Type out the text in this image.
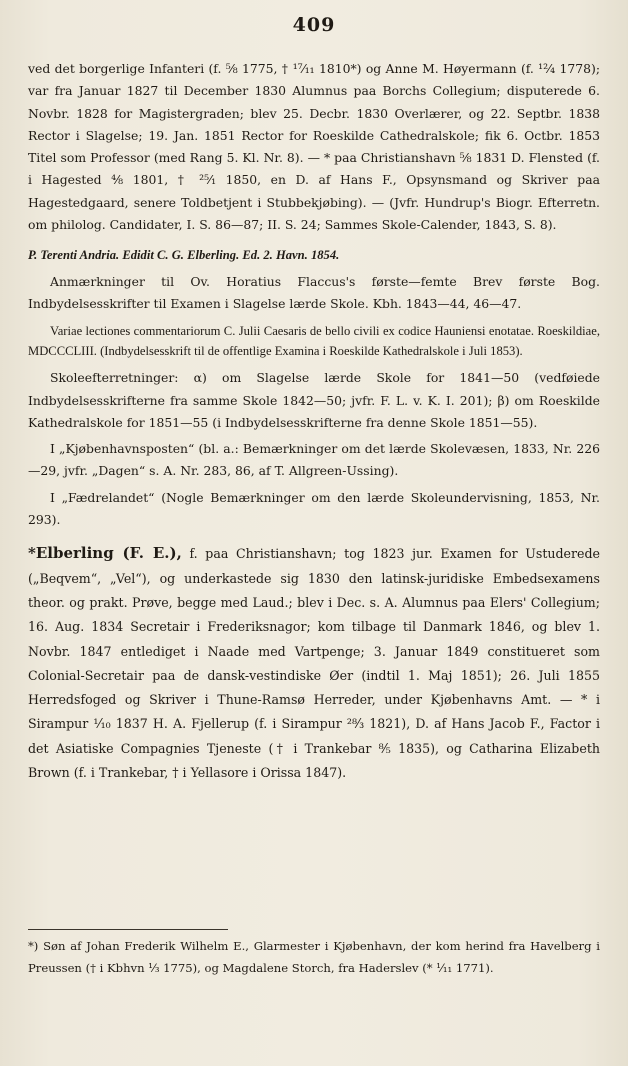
409

ved det borgerlige Infanteri (f. ⁵⁄₈ 1775, † ¹⁷⁄₁₁ 1810*) og Anne M. Høyermann (f. ¹²⁄₄ 1778); var fra Januar 1827 til December 1830 Alumnus paa Borchs Collegium; disputerede 6. Novbr. 1828 for Magistergraden; blev 25. Decbr. 1830 Overlærer, og 22. Septbr. 1838 Rector i Slagelse; 19. Jan. 1851 Rector for Roeskilde Cathedralskole; fik 6. Octbr. 1853 Titel som Professor (med Rang 5. Kl. Nr. 8). — * paa Christianshavn ⁵⁄₈ 1831 D. Flensted (f. i Hagested ⁴⁄₈ 1801, † ²⁵⁄₁ 1850, en D. af Hans F., Opsynsmand og Skriver paa Hagestedgaard, senere Toldbetjent i Stubbekjøbing). — (Jvfr. Hundrup's Biogr. Efterretn. om philolog. Candidater, I. S. 86—87; II. S. 24; Sammes Skole-Calender, 1843, S. 8).

P. Terenti Andria. Edidit C. G. Elberling. Ed. 2. Havn. 1854.

Anmærkninger til Ov. Horatius Flaccus's første—femte Brev første Bog. Indbydelsesskrifter til Examen i Slagelse lærde Skole. Kbh. 1843—44, 46—47.

Variae lectiones commentariorum C. Julii Caesaris de bello civili ex codice Hauniensi enotatae. Roeskildiae, MDCCCLIII. (Indbydelsesskrift til de offentlige Examina i Roeskilde Kathedralskole i Juli 1853).

Skoleefterretninger: α) om Slagelse lærde Skole for 1841—50 (vedføiede Indbydelsesskrifterne fra samme Skole 1842—50; jvfr. F. L. v. K. I. 201); β) om Roeskilde Kathedralskole for 1851—55 (i Indbydelsesskrifterne fra denne Skole 1851—55).

I „Kjøbenhavnsposten“ (bl. a.: Bemærkninger om det lærde Skolevæsen, 1833, Nr. 226—29, jvfr. „Dagen“ s. A. Nr. 283, 86, af T. Allgreen-Ussing).

I „Fædrelandet“ (Nogle Bemærkninger om den lærde Skoleundervisning, 1853, Nr. 293).

*Elberling (F. E.), f. paa Christianshavn; tog 1823 jur. Examen for Ustuderede („Beqvem“, „Vel“), og underkastede sig 1830 den latinsk-juridiske Embedsexamens theor. og prakt. Prøve, begge med Laud.; blev i Dec. s. A. Alumnus paa Elers' Collegium; 16. Aug. 1834 Secretair i Frederiksnagor; kom tilbage til Danmark 1846, og blev 1. Novbr. 1847 entlediget i Naade med Vartpenge; 3. Januar 1849 constitueret som Colonial-Secretair paa de dansk-vestindiske Øer (indtil 1. Maj 1851); 26. Juli 1855 Herredsfoged og Skriver i Thune-Ramsø Herreder, under Kjøbenhavns Amt. — * i Sirampur ¹⁄₁₀ 1837 H. A. Fjellerup (f. i Sirampur ²⁸⁄₃ 1821), D. af Hans Jacob F., Factor i det Asiatiske Compagnies Tjeneste († i Trankebar ⁸⁄₅ 1835), og Catharina Elizabeth Brown (f. i Trankebar, † i Yellasore i Orissa 1847).

*) Søn af Johan Frederik Wilhelm E., Glarmester i Kjøbenhavn, der kom herind fra Havelberg i Preussen († i Kbhvn ¹⁄₃ 1775), og Magdalene Storch, fra Haderslev (* ¹⁄₁₁ 1771).
